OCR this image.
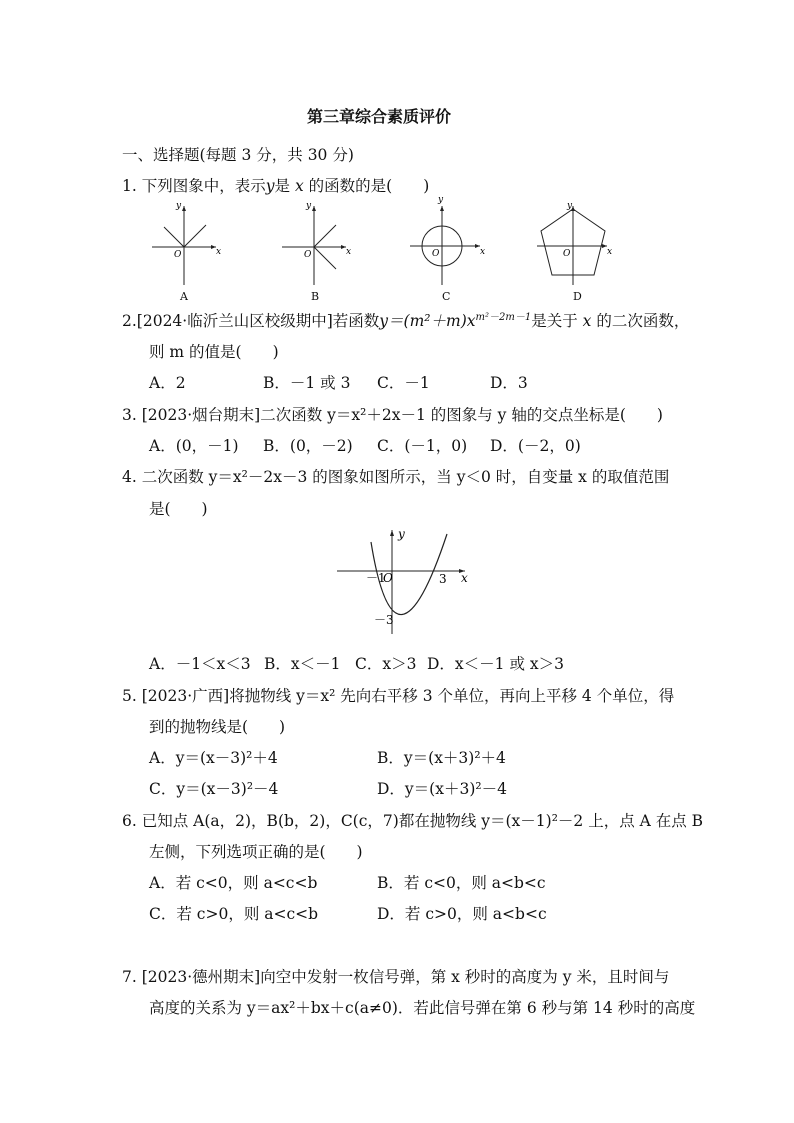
第三章综合素质评价
一、选择题(每题 3 分，共 30 分)
1. 下列图象中，表示y是 x 的函数的是(　　)
y
x
O
A
y
x
O
B
y
x
O
C
y
x
O
D
2.[2024·临沂兰山区校级期中]若函数$y=(m^2+m)x^{m^2-2m-1}$是关于 x 的二次函数，
则 m 的值是(　　)
A．2	B．－1 或 3 C．－1	D．3
3. [2023·烟台期末]二次函数 y＝x²＋2x－1 的图象与 y 轴的交点坐标是(　　)
A．(0，－1) B．(0，－2) C．(－1，0) D．(－2，0)
4. 二次函数 y＝x²－2x－3 的图象如图所示，当 y＜0 时，自变量 x 的取值范围
是(　　)
y
x
O
－1	3
－3
A．－1＜x＜3 B．x＜－1 C．x＞3 D．x＜－1 或 x＞3
5. [2023·广西]将抛物线 y＝x² 先向右平移 3 个单位，再向上平移 4 个单位，得
到的抛物线是(　　)
A．y＝(x－3)²＋4	B．y＝(x＋3)²＋4
C．y＝(x－3)²－4	D．y＝(x＋3)²－4
6. 已知点 A(a，2)，B(b，2)，C(c，7)都在抛物线 y＝(x－1)²－2 上，点 A 在点 B
左侧，下列选项正确的是(　　)
A．若 c<0，则 a<c<b	B．若 c<0，则 a<b<c
C．若 c>0，则 a<c<b	D．若 c>0，则 a<b<c
7. [2023·德州期末]向空中发射一枚信号弹，第 x 秒时的高度为 y 米，且时间与
高度的关系为 y＝ax²＋bx＋c(a≠0)．若此信号弹在第 6 秒与第 14 秒时的高度
